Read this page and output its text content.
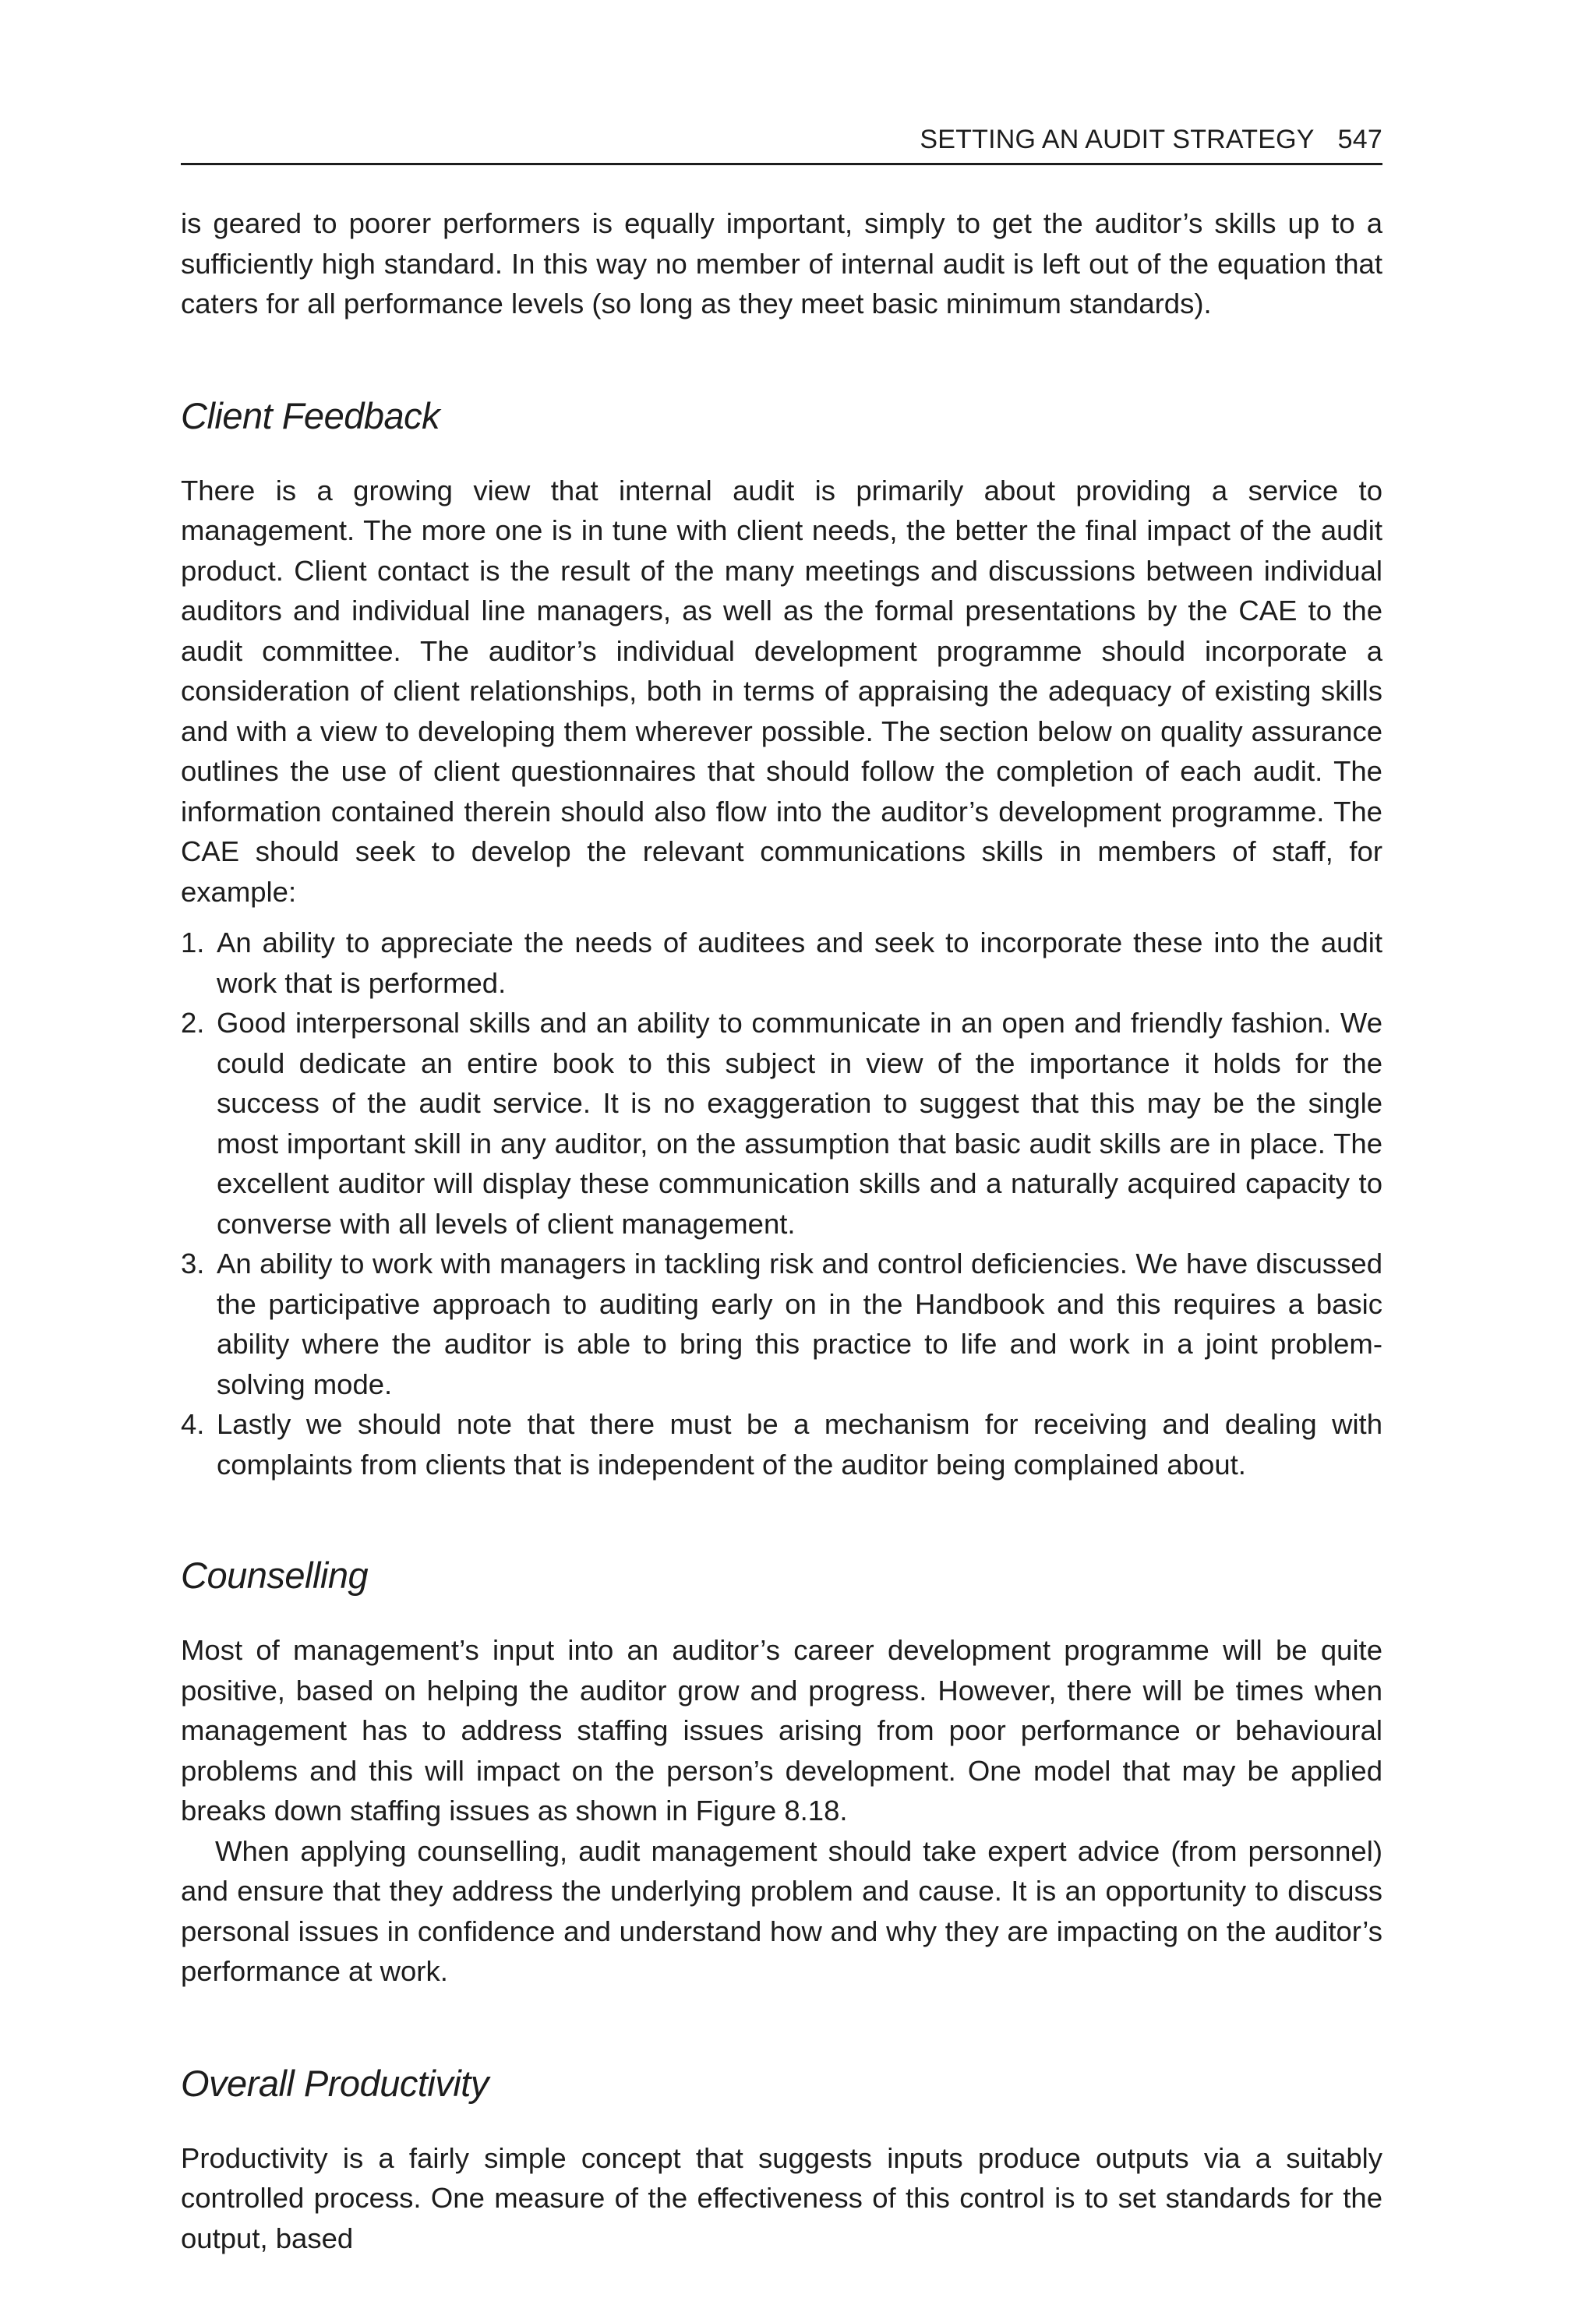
SETTING AN AUDIT STRATEGY 547

is geared to poorer performers is equally important, simply to get the auditor’s skills up to a sufficiently high standard. In this way no member of internal audit is left out of the equation that caters for all performance levels (so long as they meet basic minimum standards).

Client Feedback

There is a growing view that internal audit is primarily about providing a service to management. The more one is in tune with client needs, the better the final impact of the audit product. Client contact is the result of the many meetings and discussions between individual auditors and individual line managers, as well as the formal presentations by the CAE to the audit committee. The auditor’s individual development programme should incorporate a consideration of client relationships, both in terms of appraising the adequacy of existing skills and with a view to developing them wherever possible. The section below on quality assurance outlines the use of client questionnaires that should follow the completion of each audit. The information contained therein should also flow into the auditor’s development programme. The CAE should seek to develop the relevant communications skills in members of staff, for example:

1. An ability to appreciate the needs of auditees and seek to incorporate these into the audit work that is performed.

2. Good interpersonal skills and an ability to communicate in an open and friendly fashion. We could dedicate an entire book to this subject in view of the importance it holds for the success of the audit service. It is no exaggeration to suggest that this may be the single most important skill in any auditor, on the assumption that basic audit skills are in place. The excellent auditor will display these communication skills and a naturally acquired capacity to converse with all levels of client management.

3. An ability to work with managers in tackling risk and control deficiencies. We have discussed the participative approach to auditing early on in the Handbook and this requires a basic ability where the auditor is able to bring this practice to life and work in a joint problem-solving mode.

4. Lastly we should note that there must be a mechanism for receiving and dealing with complaints from clients that is independent of the auditor being complained about.

Counselling

Most of management’s input into an auditor’s career development programme will be quite positive, based on helping the auditor grow and progress. However, there will be times when management has to address staffing issues arising from poor performance or behavioural problems and this will impact on the person’s development. One model that may be applied breaks down staffing issues as shown in Figure 8.18.

When applying counselling, audit management should take expert advice (from personnel) and ensure that they address the underlying problem and cause. It is an opportunity to discuss personal issues in confidence and understand how and why they are impacting on the auditor’s performance at work.

Overall Productivity

Productivity is a fairly simple concept that suggests inputs produce outputs via a suitably controlled process. One measure of the effectiveness of this control is to set standards for the output, based
